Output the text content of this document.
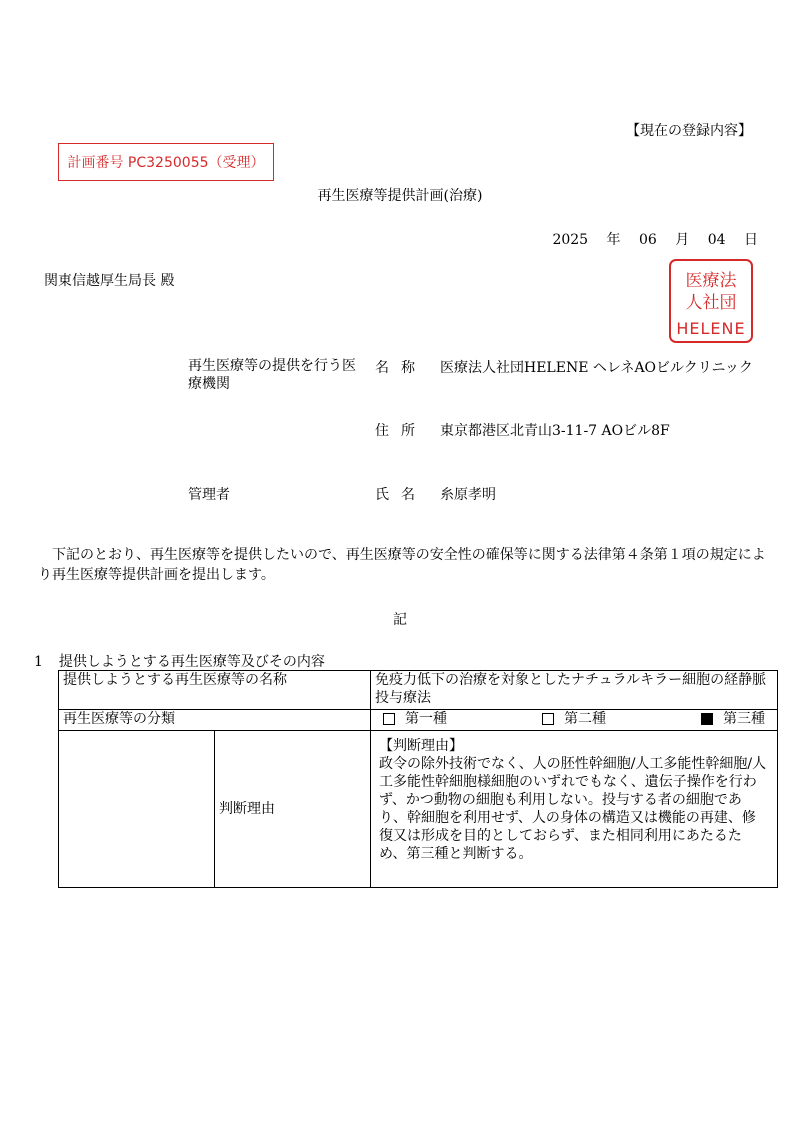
【現在の登録内容】
計画番号 PC3250055（受理）
再生医療等提供計画(治療)
2025 年 06 月 04 日
関東信越厚生局長 殿	医療法
人社団
HELENE
再生医療等の提供を行う医療機関
名称 医療法人社団HELENE ヘレネAOビルクリニック
住所 東京都港区北青山3-11-7 AOビル8F
管理者	氏名 糸原孝明
下記のとおり、再生医療等を提供したいので、再生医療等の安全性の確保等に関する法律第４条第１項の規定により再生医療等提供計画を提出します。
記
1 提供しようとする再生医療等及びその内容
提供しようとする再生医療等の名称		免疫力低下の治療を対象としたナチュラルキラー細胞の経静脈投与療法
再生医療等の分類		第一種 第二種 第三種

	判断理由	【判断理由】
政令の除外技術でなく、人の胚性幹細胞/人工多能性幹細胞/人工多能性幹細胞様細胞のいずれでもなく、遺伝子操作を行わず、かつ動物の細胞も利用しない。投与する者の細胞であり、幹細胞を利用せず、人の身体の構造又は機能の再建、修復又は形成を目的としておらず、また相同利用にあたるため、第三種と判断する。
